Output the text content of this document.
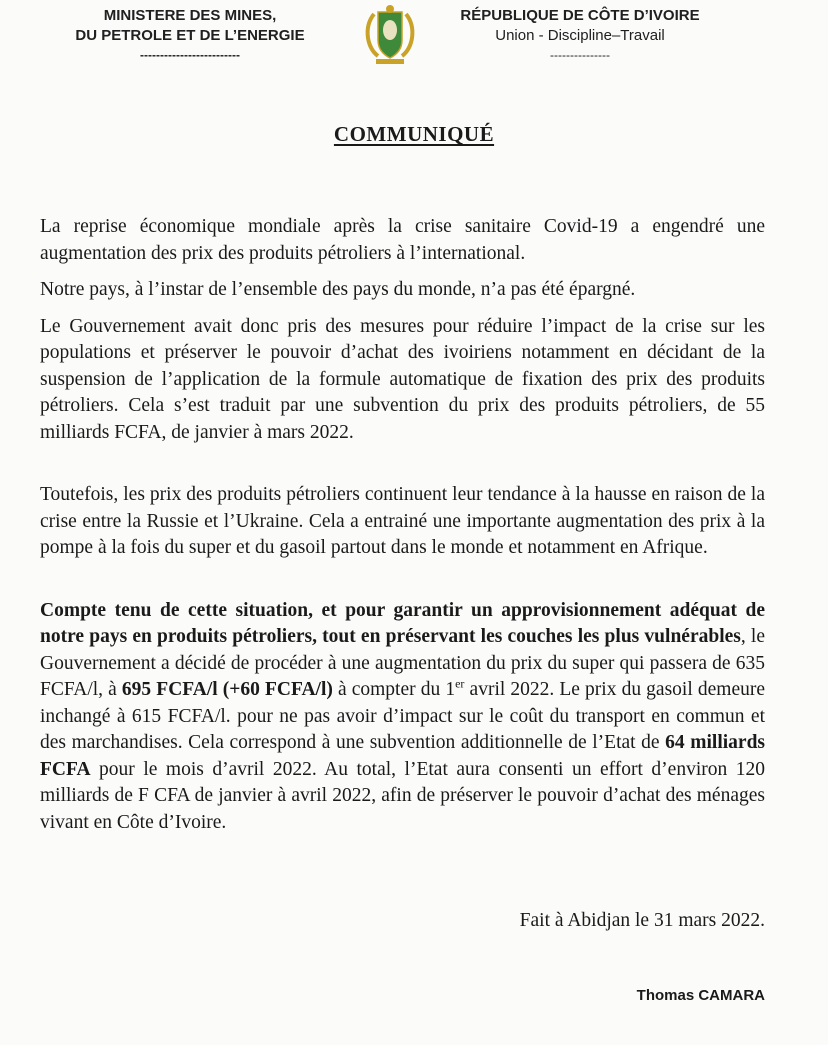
MINISTERE DES MINES,
DU PETROLE ET DE L’ENERGIE
-------------------------
RÉPUBLIQUE DE CÔTE D’IVOIRE
Union - Discipline–Travail
---------------
COMMUNIQUÉ

La reprise économique mondiale après la crise sanitaire Covid-19 a engendré une augmentation des prix des produits pétroliers à l’international.

Notre pays, à l’instar de l’ensemble des pays du monde, n’a pas été épargné.

Le Gouvernement avait donc pris des mesures pour réduire l’impact de la crise sur les populations et préserver le pouvoir d’achat des ivoiriens notamment en décidant de la suspension de l’application de la formule automatique de fixation des prix des produits pétroliers. Cela s’est traduit par une subvention du prix des produits pétroliers, de 55 milliards FCFA, de janvier à mars 2022.

Toutefois, les prix des produits pétroliers continuent leur tendance à la hausse en raison de la crise entre la Russie et l’Ukraine. Cela a entrainé une importante augmentation des prix à la pompe à la fois du super et du gasoil partout dans le monde et notamment en Afrique.

Compte tenu de cette situation, et pour garantir un approvisionnement adéquat de notre pays en produits pétroliers, tout en préservant les couches les plus vulnérables, le Gouvernement a décidé de procéder à une augmentation du prix du super qui passera de 635 FCFA/l, à 695 FCFA/l (+60 FCFA/l) à compter du 1er avril 2022. Le prix du gasoil demeure inchangé à 615 FCFA/l. pour ne pas avoir d’impact sur le coût du transport en commun et des marchandises. Cela correspond à une subvention additionnelle de l’Etat de 64 milliards FCFA pour le mois d’avril 2022. Au total, l’Etat aura consenti un effort d’environ 120 milliards de F CFA de janvier à avril 2022, afin de préserver le pouvoir d’achat des ménages vivant en Côte d’Ivoire.

Fait à Abidjan le 31 mars 2022.
Thomas CAMARA
